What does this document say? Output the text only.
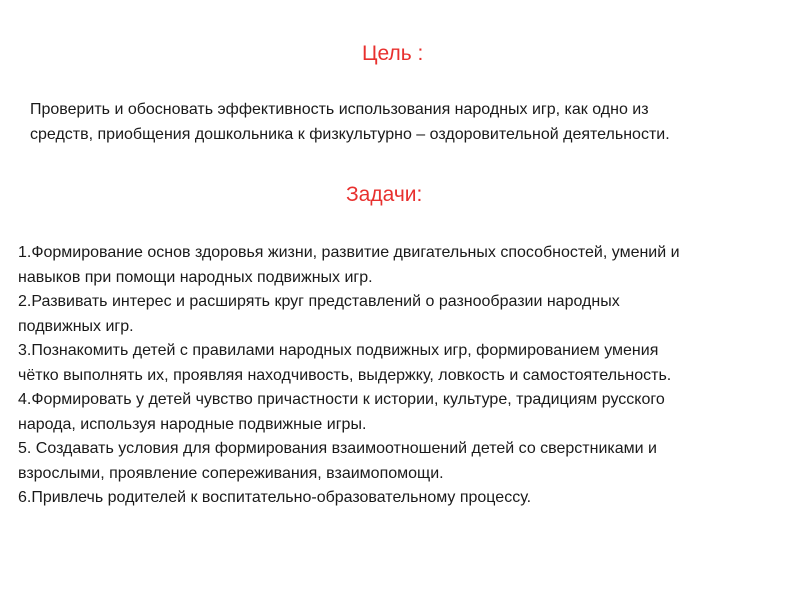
Цель :

Проверить и обосновать эффективность использования народных игр, как одно из
средств, приобщения дошкольника к физкультурно – оздоровительной деятельности.

Задачи:
1.Формирование основ здоровья жизни, развитие двигательных способностей, умений и
навыков при помощи народных подвижных игр.
2.Развивать интерес и расширять круг представлений о разнообразии народных
подвижных игр.
3.Познакомить детей с правилами народных подвижных игр, формированием умения
чётко выполнять их, проявляя находчивость, выдержку, ловкость и самостоятельность.
4.Формировать у детей чувство причастности к истории, культуре, традициям русского
народа, используя народные подвижные игры.
5. Создавать условия для формирования взаимоотношений детей со сверстниками и
взрослыми, проявление сопереживания, взаимопомощи.
6.Привлечь родителей к воспитательно-образовательному процессу.
